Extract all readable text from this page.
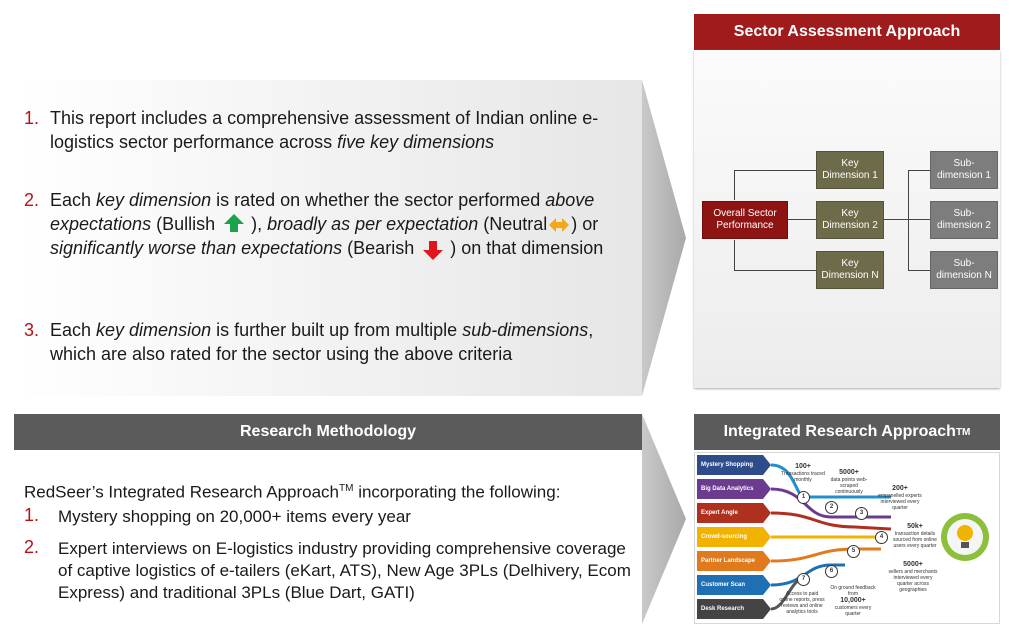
1. This report includes a comprehensive assessment of Indian online e-logistics sector performance across five key dimensions
2. Each key dimension is rated on whether the sector performed above expectations (Bullish  ), broadly as per expectation (Neutral ) or significantly worse than expectations (Bearish  ) on that dimension
3. Each key dimension is further built up from multiple sub-dimensions, which are also rated for the sector using the above criteria
Sector Assessment Approach
Overall Sector Performance
Key Dimension 1
Key Dimension 2
Key Dimension N
Sub-dimension 1
Sub-dimension 2
Sub-dimension N
Research Methodology
RedSeer’s Integrated Research Approach™ incorporating the following:
1. Mystery shopping on 20,000+ items every year
2. Expert interviews on E-logistics industry providing comprehensive coverage of captive logistics of e-tailers (eKart, ATS), New Age 3PLs (Delhivery, Ecom Express) and traditional 3PLs (Blue Dart, GATI)
Integrated Research Approach TM
Mystery Shopping
Big Data Analytics
Expert Angle
Crowd-sourcing
Partner Landscape
Customer Scan
Desk Research
1
2
3
4
5
6
7
100+
Transactions traced monthly
5000+
data points web-scraped continuously	200+
empanelled experts interviewed every quarter
50k+
transaction details sourced from online users every quarter
5000+
sellers and merchants interviewed every quarter across geographies
On ground feedback from
10,000+
customers every quarter
Access to paid online reports, press reviews and online analytics tools
